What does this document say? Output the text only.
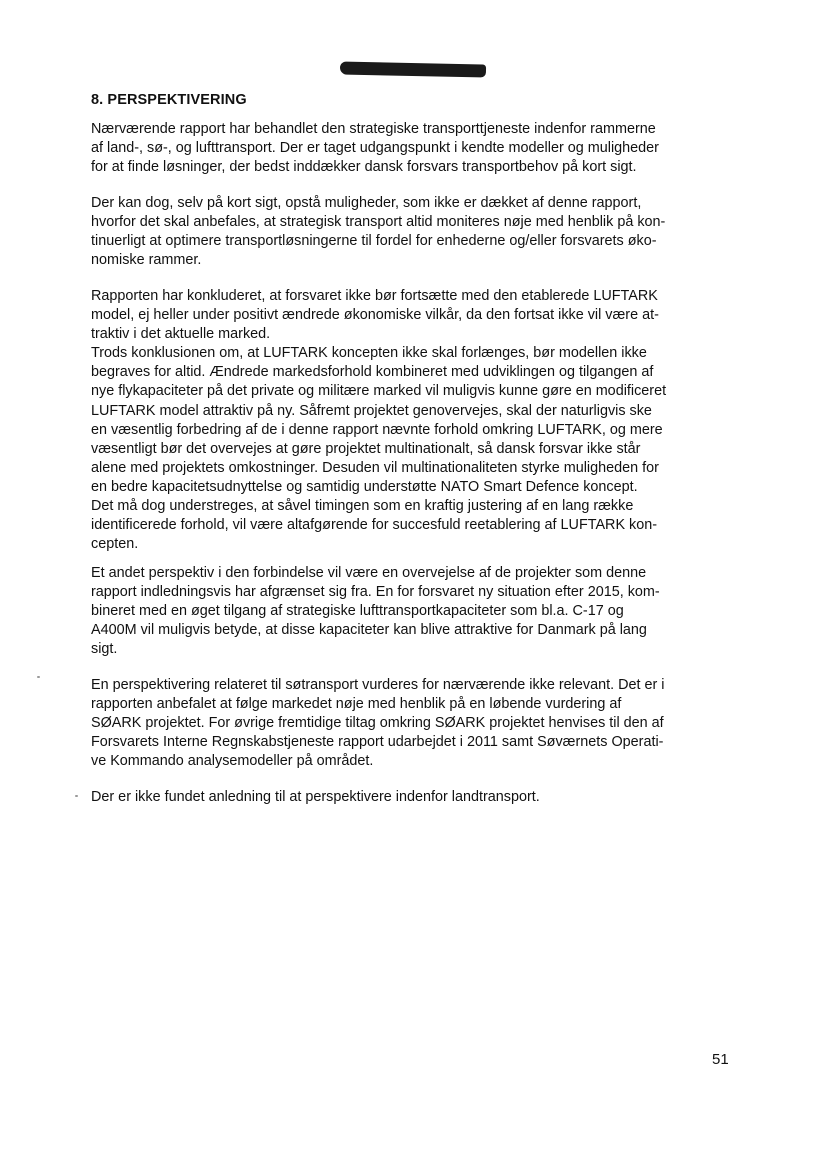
8. PERSPEKTIVERING

Nærværende rapport har behandlet den strategiske transporttjeneste indenfor rammerne
af land-, sø-, og lufttransport. Der er taget udgangspunkt i kendte modeller og muligheder
for at finde løsninger, der bedst inddækker dansk forsvars transportbehov på kort sigt.

Der kan dog, selv på kort sigt, opstå muligheder, som ikke er dækket af denne rapport,
hvorfor det skal anbefales, at strategisk transport altid moniteres nøje med henblik på kon-
tinuerligt at optimere transportløsningerne til fordel for enhederne og/eller forsvarets øko-
nomiske rammer.

Rapporten har konkluderet, at forsvaret ikke bør fortsætte med den etablerede LUFTARK
model, ej heller under positivt ændrede økonomiske vilkår, da den fortsat ikke vil være at-
traktiv i det aktuelle marked.
Trods konklusionen om, at LUFTARK koncepten ikke skal forlænges, bør modellen ikke
begraves for altid. Ændrede markedsforhold kombineret med udviklingen og tilgangen af
nye flykapaciteter på det private og militære marked vil muligvis kunne gøre en modificeret
LUFTARK model attraktiv på ny. Såfremt projektet genovervejes, skal der naturligvis ske
en væsentlig forbedring af de i denne rapport nævnte forhold omkring LUFTARK, og mere
væsentligt bør det overvejes at gøre projektet multinationalt, så dansk forsvar ikke står
alene med projektets omkostninger. Desuden vil multinationaliteten styrke muligheden for
en bedre kapacitetsudnyttelse og samtidig understøtte NATO Smart Defence koncept.
Det må dog understreges, at såvel timingen som en kraftig justering af en lang række
identificerede forhold, vil være altafgørende for succesfuld reetablering af LUFTARK kon-
cepten.

Et andet perspektiv i den forbindelse vil være en overvejelse af de projekter som denne
rapport indledningsvis har afgrænset sig fra. En for forsvaret ny situation efter 2015, kom-
bineret med en øget tilgang af strategiske lufttransportkapaciteter som bl.a. C-17 og
A400M vil muligvis betyde, at disse kapaciteter kan blive attraktive for Danmark på lang
sigt.

En perspektivering relateret til søtransport vurderes for nærværende ikke relevant. Det er i
rapporten anbefalet at følge markedet nøje med henblik på en løbende vurdering af
SØARK projektet. For øvrige fremtidige tiltag omkring SØARK projektet henvises til den af
Forsvarets Interne Regnskabstjeneste rapport udarbejdet i 2011 samt Søværnets Operati-
ve Kommando analysemodeller på området.

Der er ikke fundet anledning til at perspektivere indenfor landtransport.

51
